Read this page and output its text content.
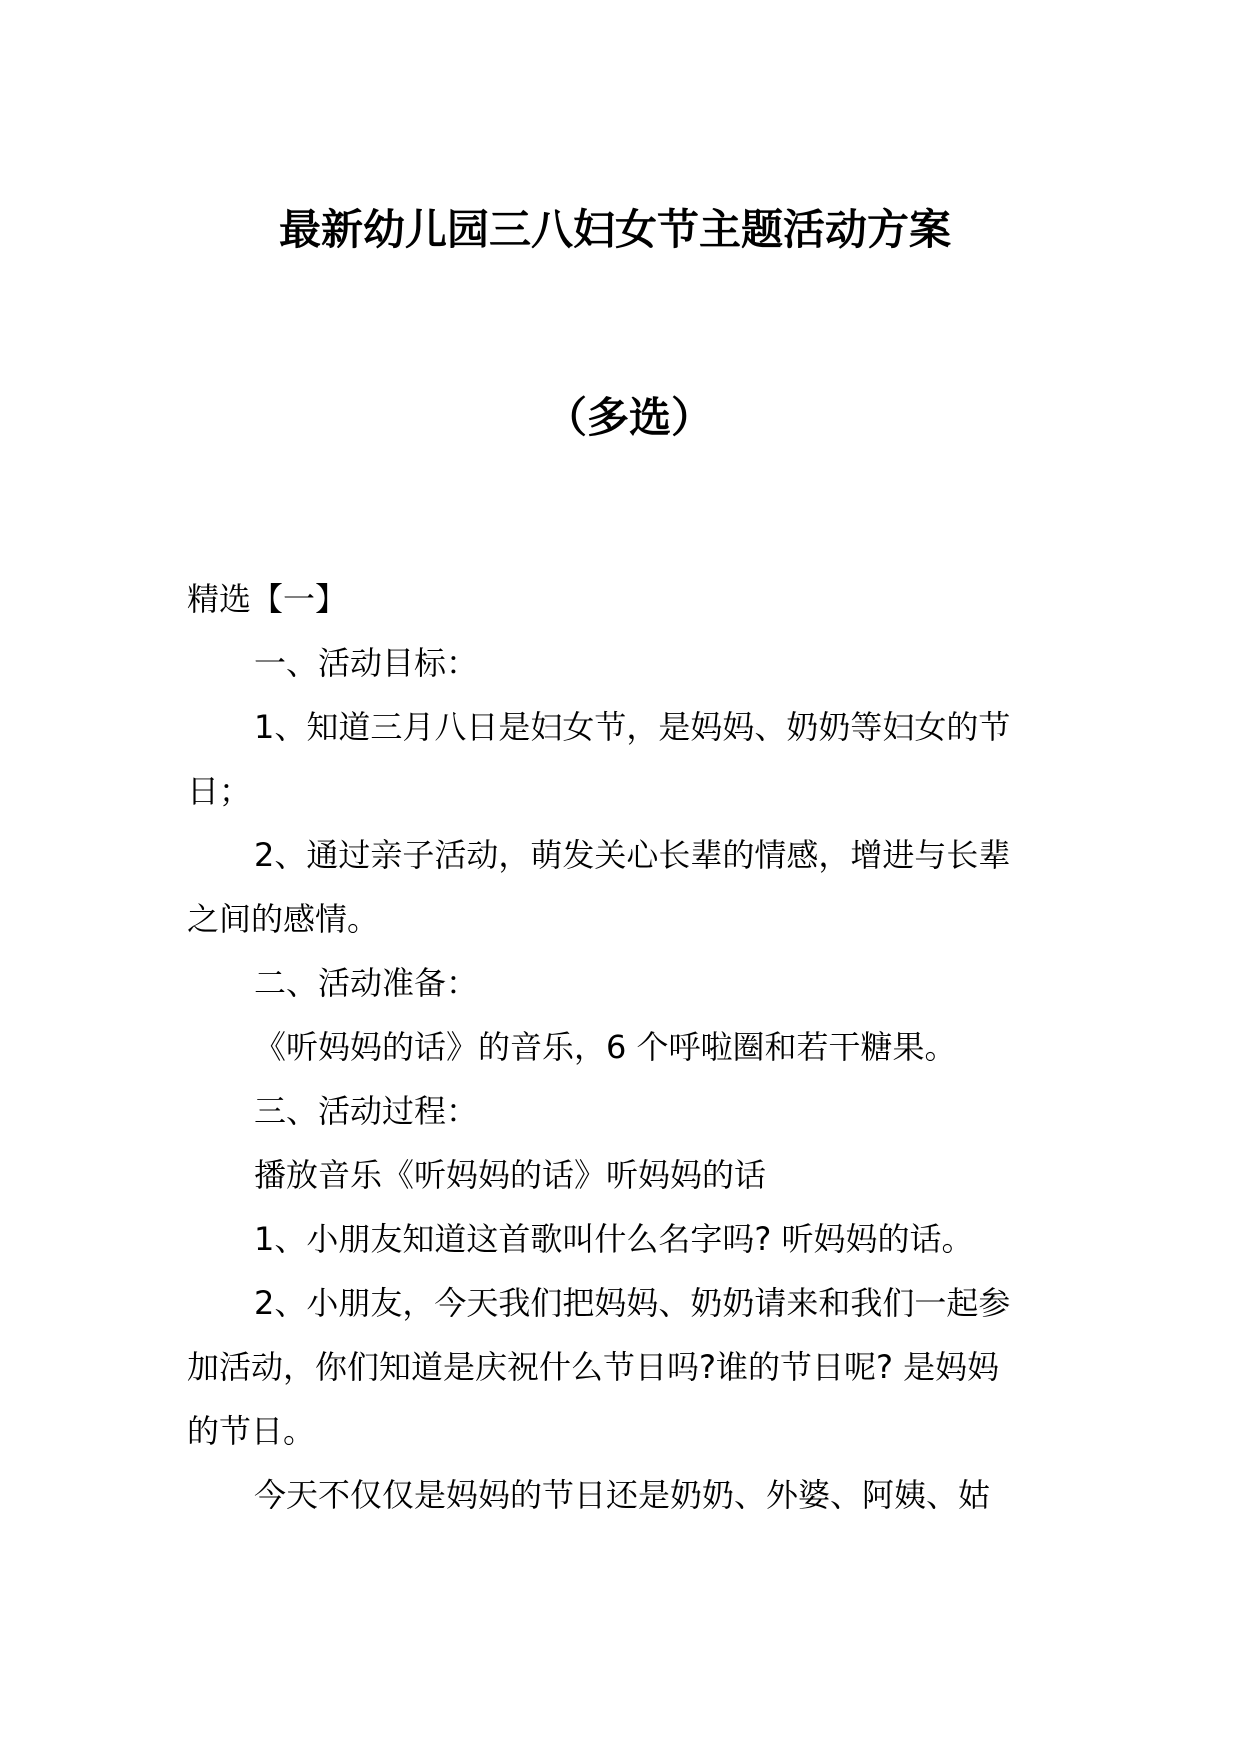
最新幼儿园三八妇女节主题活动方案
（多选）
精选【一】
一、活动目标：
1、知道三月八日是妇女节，是妈妈、奶奶等妇女的节
日；
2、通过亲子活动，萌发关心长辈的情感，增进与长辈
之间的感情。
二、活动准备：
《听妈妈的话》的音乐，6 个呼啦圈和若干糖果。
三、活动过程：
播放音乐《听妈妈的话》听妈妈的话
1、小朋友知道这首歌叫什么名字吗? 听妈妈的话。
2、小朋友，今天我们把妈妈、奶奶请来和我们一起参
加活动，你们知道是庆祝什么节日吗?谁的节日呢? 是妈妈
的节日。
今天不仅仅是妈妈的节日还是奶奶、外婆、阿姨、姑
